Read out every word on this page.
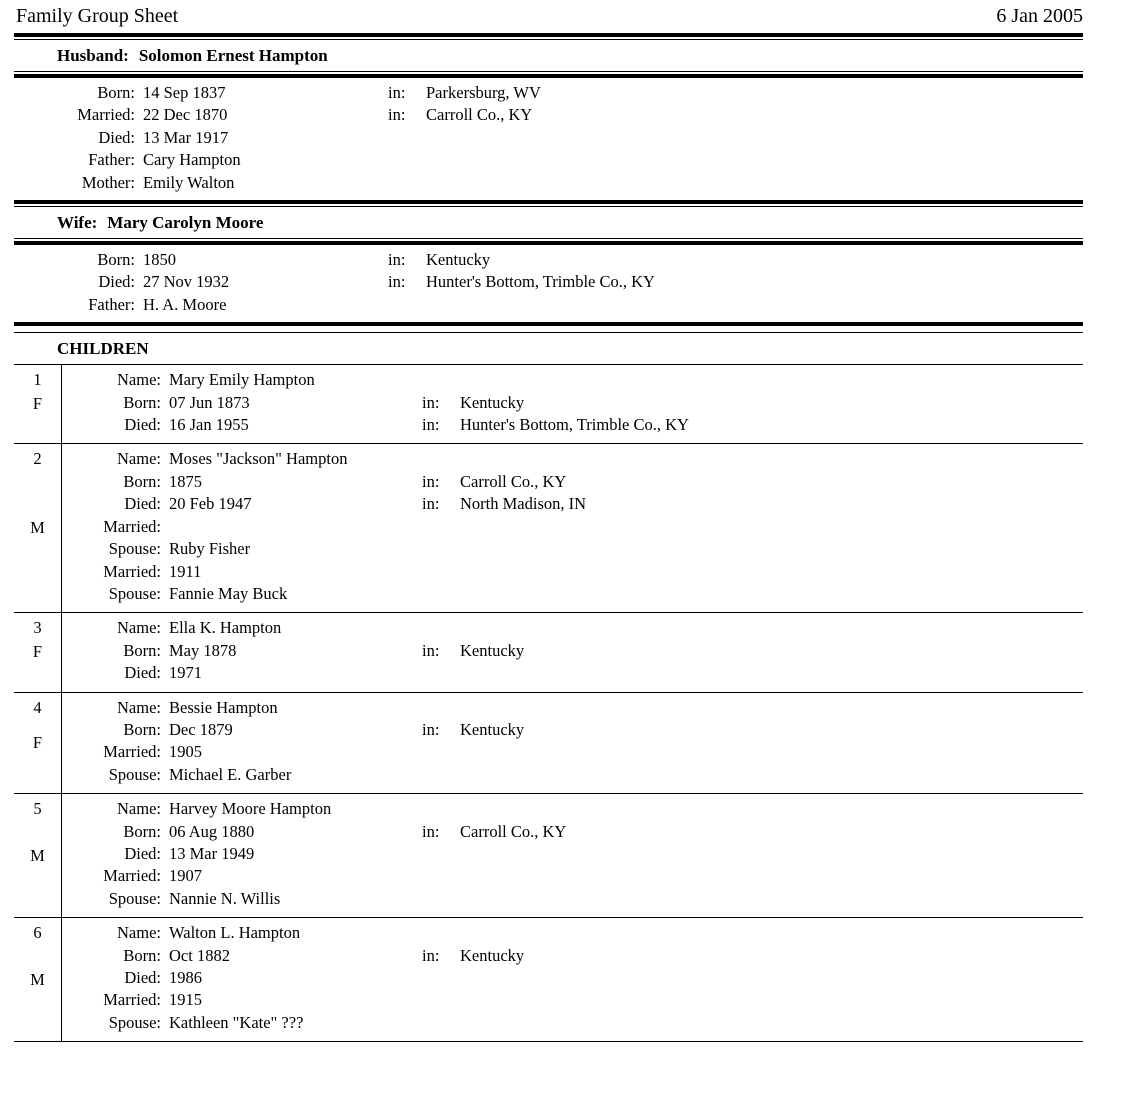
Family Group Sheet	6 Jan 2005
Husband: Solomon Ernest Hampton
Born: 14 Sep 1837	in:	Parkersburg, WV
Married: 22 Dec 1870	in:	Carroll Co., KY
Died: 13 Mar 1917
Father: Cary Hampton
Mother: Emily Walton
Wife: Mary Carolyn Moore
Born: 1850	in:	Kentucky
Died: 27 Nov 1932	in:	Hunter's Bottom, Trimble Co., KY
Father: H. A. Moore
CHILDREN
1
F
Name: Mary Emily Hampton
Born: 07 Jun 1873	in:	Kentucky
Died: 16 Jan 1955	in:	Hunter's Bottom, Trimble Co., KY
2
M
Name: Moses "Jackson" Hampton
Born: 1875	in:	Carroll Co., KY
Died: 20 Feb 1947	in:	North Madison, IN
Married:
Spouse: Ruby Fisher
Married: 1911
Spouse: Fannie May Buck
3
F
Name: Ella K. Hampton
Born: May 1878	in:	Kentucky
Died: 1971
4
F
Name: Bessie Hampton
Born: Dec 1879	in:	Kentucky
Married: 1905
Spouse: Michael E. Garber
5
M
Name: Harvey Moore Hampton
Born: 06 Aug 1880	in:	Carroll Co., KY
Died: 13 Mar 1949
Married: 1907
Spouse: Nannie N. Willis
6
M
Name: Walton L. Hampton
Born: Oct 1882	in:	Kentucky
Died: 1986
Married: 1915
Spouse: Kathleen "Kate" ???
